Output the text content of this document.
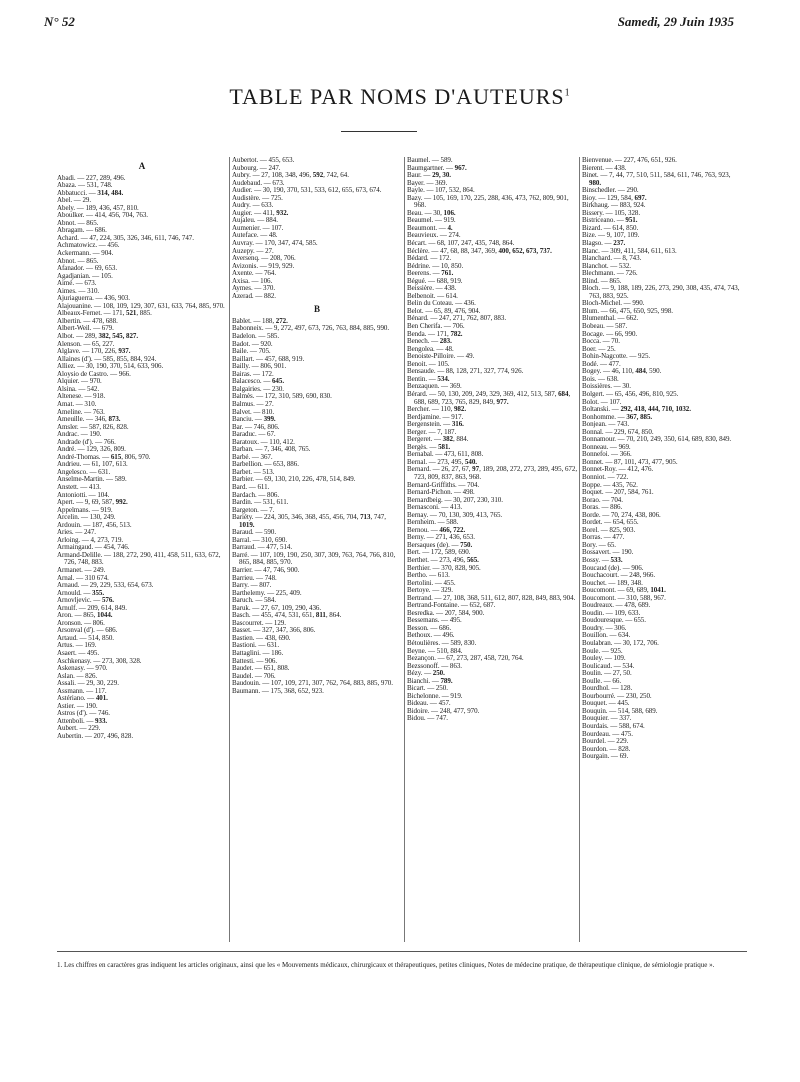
N° 52	Samedi, 29 Juin 1935
TABLE PAR NOMS D'AUTEURS$^1$
A
Abadi. — 227, 289, 496.
Abaza. — 531, 748.
Abbatucci. — 314, 484.
Abel. — 29.
Abely. — 189, 436, 457, 810.
Aboulker. — 414, 456, 704, 763.
Abnot. — 865.
Abragam. — 686.
Achard. — 47, 224, 305, 326, 346, 611, 746, 747.
Achmatowicz. — 456.
Ackermann. — 904.
Abnot. — 865.
Afanador. — 69, 653.
Agadjanian. — 105.
Aimé. — 673.
Aimes. — 310.
Ajuriaguerra. — 436, 903.
Alajouanine. — 108, 109, 129, 307, 631, 633, 764, 885, 970.
Albeaux-Fernet. — 171, 521, 885.
Albertin. — 478, 688.
Albert-Weil. — 679.
Albot. — 289, 382, 545, 827.
Alenson. — 65, 227.
Alglave. — 170, 226, 937.
Allaines (d'). — 585, 855, 884, 924.
Alliez. — 30, 190, 370, 514, 633, 906.
Aloysio de Castro. — 966.
Alquier. — 970.
Alsina. — 542.
Altenese. — 918.
Amat. — 310.
Ameline. — 763.
Ameuille. — 346, 873.
Amsler. — 587, 826, 828.
Andrac. — 190.
Andrade (d'). — 766.
André. — 129, 326, 809.
André-Thomas. — 615, 806, 970.
Andrieu. — 61, 107, 613.
Angelesco. — 631.
Anselme-Martin. — 589.
Anstett. — 413.
Antoniotti. — 104.
Apert. — 9, 69, 587, 992.
Appelmans. — 919.
Arcelin. — 130, 249.
Ardouin. — 187, 456, 513.
Aries. — 247.
Arloing. — 4, 273, 719.
Armaingaud. — 454, 746.
Armand-Delille. — 188, 272, 290, 411, 458, 511, 633, 672, 726, 748, 883.
Armanet. — 249.
Arnal. — 310 674.
Arnaud. — 29, 229, 533, 654, 673.
Arnould. — 355.
Arnovljevic. — 576.
Arnulf. — 209, 614, 849.
Aron. — 865, 1044.
Aronson. — 806.
Arsonval (d'). — 686.
Artaud. — 514, 850.
Artus. — 169.
Asaert. — 495.
Aschkenasy. — 273, 308, 328.
Askenasy. — 970.
Aslan. — 826.
Assali. — 29, 30, 229.
Assmann. — 117.
Astériano. — 401.
Astier. — 190.
Astros (d'). — 746.
Attenboli. — 933.
Aubert. — 229.
Aubertin. — 207, 496, 828.
Aubertot. — 455, 653.
Aubourg. — 247.
Aubry. — 27, 108, 348, 496, 592, 742, 64.
Audebaud. — 673.
Audier. — 30, 190, 370, 531, 533, 612, 655, 673, 674.
Audistère. — 725.
Audry. — 633.
Augier. — 411, 932.
Aujaleu. — 884.
Aumenier. — 107.
Auteface. — 48.
Auvray. — 170, 347, 474, 585.
Auzepy. — 27.
Aversenq. — 208, 706.
Avizonis. — 919, 929.
Axente. — 764.
Axisa. — 106.
Aymes. — 370.
Azerad. — 882.
B
Bablet. — 188, 272.
Babonneix. — 9, 272, 497, 673, 726, 763, 884, 885, 990.
Badelon. — 585.
Badot. — 920.
Baile. — 705.
Baillart. — 457, 688, 919.
Bailly. — 806, 901.
Bairas. — 172.
Balacesco. — 645.
Balgairies. — 230.
Balmès. — 172, 310, 589, 690, 830.
Balmus. — 27.
Balvet. — 810.
Banciu. — 399.
Bar. — 746, 806.
Baraduc. — 67.
Baratoux. — 110, 412.
Barban. — 7, 346, 408, 765.
Barbé. — 367.
Barbellion. — 653, 886.
Barbet. — 513.
Barbier. — 69, 130, 210, 226, 478, 514, 849.
Bard. — 611.
Bardach. — 806.
Bardin. — 531, 611.
Bargeton. — 7.
Bariéty. — 224, 305, 346, 368, 455, 456, 704, 713, 747, 1019.
Baraud. — 590.
Barral. — 310, 690.
Barraud. — 477, 514.
Barré. — 107, 109, 190, 250, 307, 309, 763, 764, 766, 810, 865, 884, 885, 970.
Barrier. — 47, 746, 900.
Barrieu. — 748.
Barry. — 807.
Barthelemy. — 225, 409.
Baruch. — 584.
Baruk. — 27, 67, 109, 290, 436.
Basch. — 455, 474, 531, 651, 811, 864.
Bascourret. — 129.
Basset. — 327, 347, 366, 806.
Bastien. — 438, 690.
Bastioni. — 631.
Battaglini. — 186.
Battesti. — 906.
Baudet. — 651, 808.
Baudel. — 706.
Baudouin. — 107, 109, 271, 307, 762, 764, 883, 885, 970.
Baumann. — 175, 368, 652, 923.
Baumel. — 589.
Baumgartner. — 967.
Baur. — 29, 30.
Bayer. — 369.
Bayle. — 107, 532, 864.
Bazy. — 105, 169, 170, 225, 288, 436, 473, 762, 809, 901, 968.
Beau. — 30, 106.
Beaumel. — 919.
Beaumont. — 4.
Beauvieux. — 274.
Bécart. — 68, 107, 247, 435, 748, 864.
Béclère. — 47, 68, 88, 347, 369, 400, 652, 673, 737.
Bédard. — 172.
Bédrine. — 10, 850.
Beerens. — 761.
Bégué. — 688, 919.
Beissière. — 438.
Belbenoit. — 614.
Belin du Coteau. — 436.
Belot. — 65, 89, 476, 904.
Bénard. — 247, 271, 762, 807, 883.
Ben Cherifa. — 706.
Benda. — 171, 782.
Benech. — 283.
Bengolea. — 48.
Benoiste-Pilloire. — 49.
Benoit. — 105.
Bensaude. — 88, 128, 271, 327, 774, 926.
Bentin. — 534.
Benzaquen. — 369.
Bérard. — 50, 130, 209, 249, 329, 369, 412, 513, 587, 684, 688, 689, 723, 765, 829, 849, 977.
Bercher. — 110, 982.
Berdjamine. — 917.
Bergenstein. — 316.
Berger. — 7, 187.
Bergeret. — 382, 884.
Bergès. — 581.
Bernabal. — 473, 611, 808.
Bernal. — 273, 495, 540.
Bernard. — 26, 27, 67, 97, 189, 208, 272, 273, 289, 495, 672, 723, 809, 837, 863, 968.
Bernard-Griffiths. — 704.
Bernard-Pichon. — 498.
Bernardbeig. — 30, 207, 230, 310.
Bernasconi. — 413.
Bernay. — 70, 130, 309, 413, 765.
Bernheim. — 588.
Bernou. — 466, 722.
Berny. — 271, 436, 653.
Bersaques (de). — 750.
Bert. — 172, 589, 690.
Berthet. — 273, 496, 565.
Berthier. — 370, 828, 905.
Bertho. — 613.
Bertolini. — 455.
Bertoye. — 329.
Bertrand. — 27, 108, 368, 511, 612, 807, 828, 849, 883, 904.
Bertrand-Fontaine. — 652, 687.
Besredka. — 207, 584, 900.
Bessemans. — 495.
Besson. — 686.
Bethoux. — 496.
Bétoulières. — 589, 830.
Beyne. — 510, 884.
Bezançon. — 67, 273, 287, 458, 720, 764.
Bezssonoff. — 863.
Bézy. — 250.
Bianchi. — 789.
Bicart. — 250.
Bichelonne. — 919.
Bideau. — 457.
Bidoire. — 248, 477, 970.
Bidou. — 747.
Bienvenue. — 227, 476, 651, 926.
Bierent. — 438.
Binet. — 7, 44, 77, 510, 511, 584, 611, 746, 763, 923, 980.
Binschedler. — 290.
Bioy. — 129, 584, 697.
Birkhaug. — 883, 924.
Bissery. — 105, 328.
Bistriceano. — 951.
Bizard. — 614, 850.
Bize. — 9, 107, 109.
Blagso. — 237.
Blanc. — 309, 411, 584, 611, 613.
Blanchard. — 8, 743.
Blanchot. — 532.
Blechmann. — 726.
Blind. — 865.
Bloch. — 9, 188, 189, 226, 273, 290, 308, 435, 474, 743, 763, 883, 925.
Bloch-Michel. — 990.
Blum. — 66, 475, 650, 925, 998.
Blumenthal. — 662.
Bobeau. — 587.
Bocage. — 66, 990.
Bocca. — 70.
Boer. — 25.
Bohin-Nagcotte. — 925.
Bodé. — 477.
Bogey. — 46, 110, 484, 590.
Bois. — 638.
Boissières. — 30.
Bolgert. — 65, 456, 496, 810, 925.
Bolot. — 107.
Boltanski. — 292, 418, 444, 710, 1032.
Bonhomme. — 367, 885.
Bonjean. — 743.
Bonnal. — 229, 674, 850.
Bonnamour. — 70, 210, 249, 350, 614, 689, 830, 849.
Bonneau. — 969.
Bonnefoi. — 366.
Bonnet. — 87, 101, 473, 477, 905.
Bonnet-Roy. — 412, 476.
Bonniot. — 722.
Boppe. — 435, 762.
Boquet. — 207, 584, 761.
Borao. — 704.
Boras. — 886.
Borde. — 70, 274, 438, 806.
Bordet. — 654, 655.
Borel. — 825, 903.
Borras. — 477.
Bory. — 65.
Bossavert. — 190.
Bossy. — 533.
Boucaud (de). — 906.
Bouchacourt. — 248, 966.
Bouchet. — 189, 348.
Boucomont. — 69, 689, 1041.
Boucomont. — 310, 588, 967.
Boudreaux. — 478, 689.
Boudin. — 109, 633.
Boudouresque. — 655.
Boudry. — 306.
Bouillon. — 634.
Boulabran. — 30, 172, 706.
Boule. — 925.
Bouley. — 109.
Boulicaud. — 534.
Boulin. — 27, 50.
Boulle. — 66.
Bourdhol. — 128.
Bourbourré. — 230, 250.
Bouquet. — 445.
Bouquin. — 514, 588, 689.
Bouquier. — 337.
Bourdais. — 588, 674.
Bourdeau. — 475.
Bourdel. — 229.
Bourdon. — 828.
Bourgain. — 69.
1. Les chiffres en caractères gras indiquent les articles originaux, ainsi que les « Mouvements médicaux, chirurgicaux et thérapeutiques, petites cliniques, Notes de médecine pratique, de thérapeutique clinique, de sémiologie pratique ».
